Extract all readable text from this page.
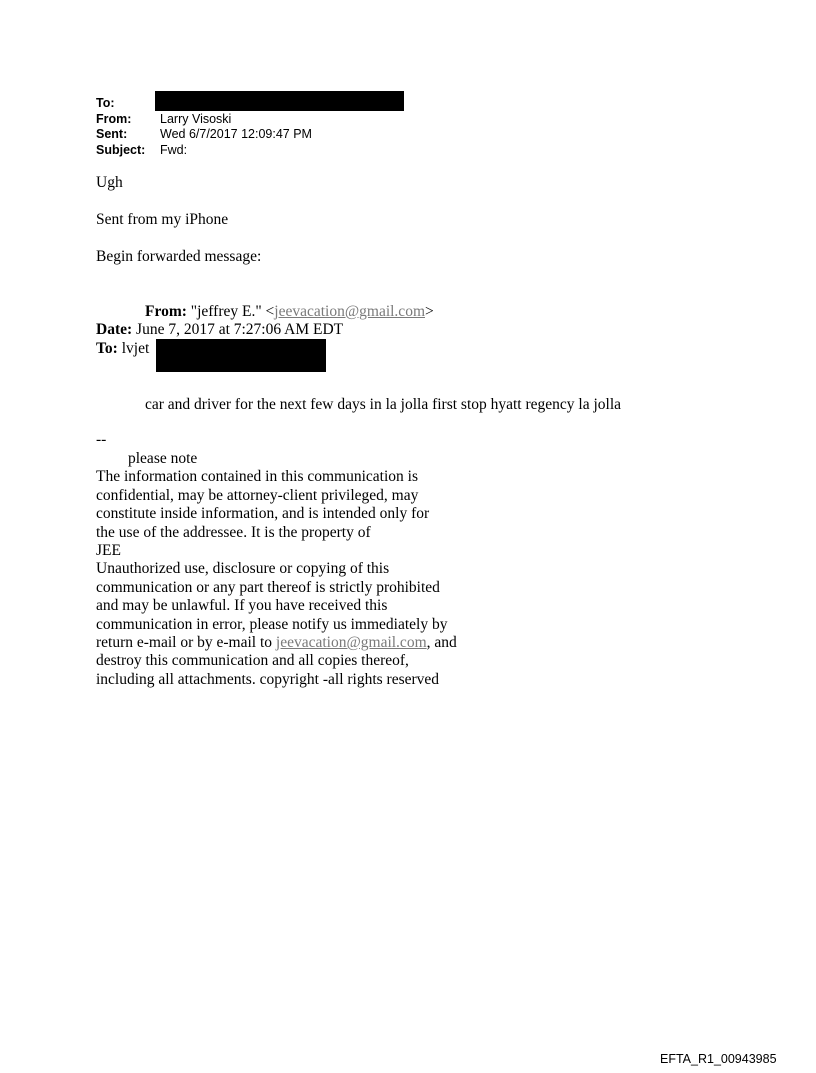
To:
From: Larry Visoski
Sent:	Wed 6/7/2017 12:09:47 PM
Subject: Fwd:
Ugh
Sent from my iPhone
Begin forwarded message:
From: "jeffrey E." <jeevacation@gmail.com>
Date: June 7, 2017 at 7:27:06 AM EDT
To: lvjet
car and driver for the next few days in la jolla first stop hyatt regency la jolla
--
please note
The information contained in this communication is
confidential, may be attorney-client privileged, may
constitute inside information, and is intended only for
the use of the addressee. It is the property of
JEE
Unauthorized use, disclosure or copying of this
communication or any part thereof is strictly prohibited
and may be unlawful. If you have received this
communication in error, please notify us immediately by
return e-mail or by e-mail to jeevacation@gmail.com, and
destroy this communication and all copies thereof,
including all attachments. copyright -all rights reserved
EFTA_R1_00943985
